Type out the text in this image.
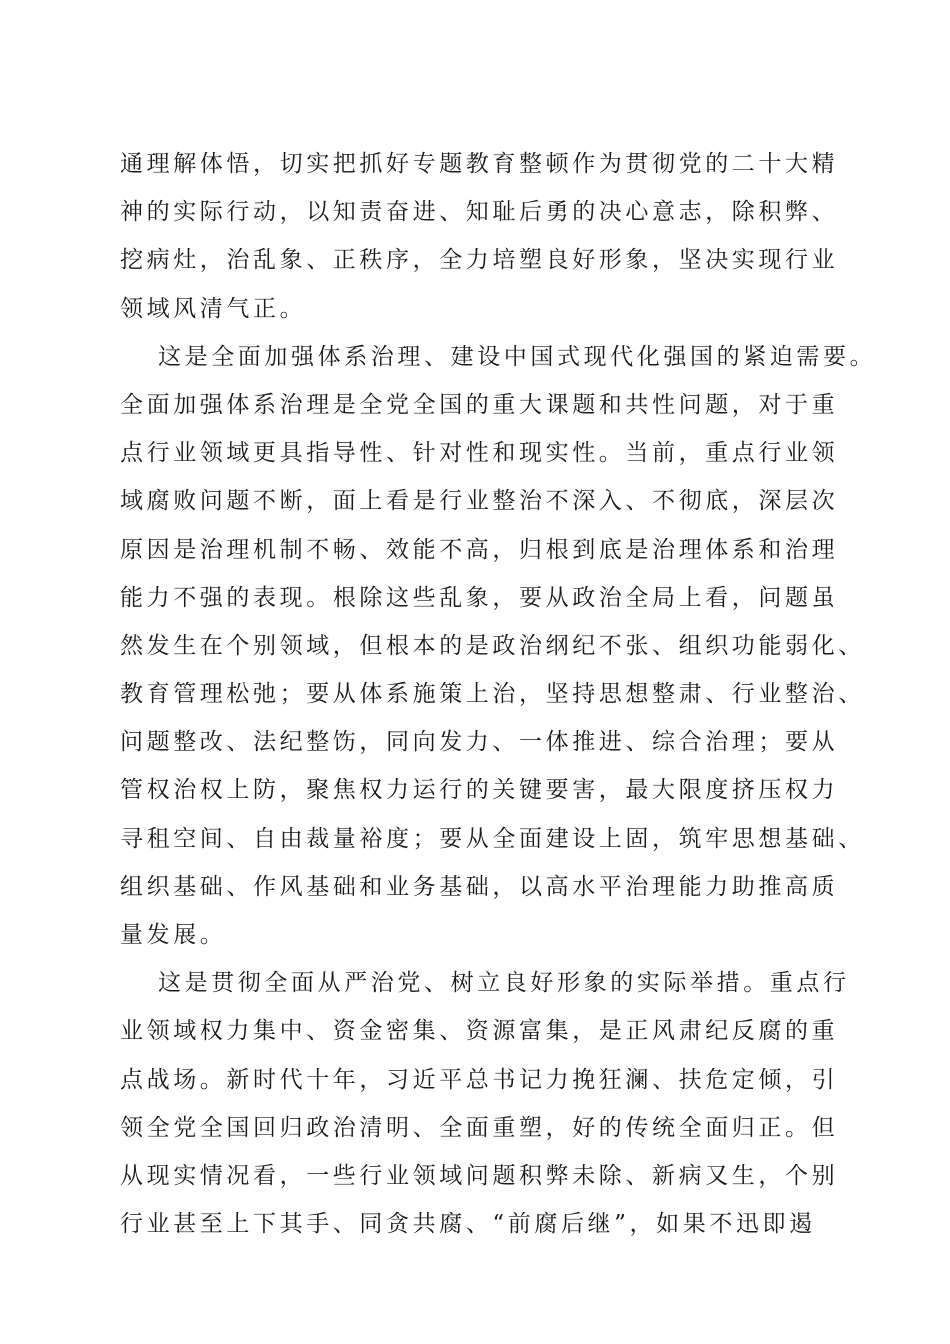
通理解体悟，切实把抓好专题教育整顿作为贯彻党的二十大精
神的实际行动，以知责奋进、知耻后勇的决心意志，除积弊、
挖病灶，治乱象、正秩序，全力培塑良好形象，坚决实现行业
领域风清气正。
这是全面加强体系治理、建设中国式现代化强国的紧迫需要。
全面加强体系治理是全党全国的重大课题和共性问题，对于重
点行业领域更具指导性、针对性和现实性。当前，重点行业领
域腐败问题不断，面上看是行业整治不深入、不彻底，深层次
原因是治理机制不畅、效能不高，归根到底是治理体系和治理
能力不强的表现。根除这些乱象，要从政治全局上看，问题虽
然发生在个别领域，但根本的是政治纲纪不张、组织功能弱化、
教育管理松弛；要从体系施策上治，坚持思想整肃、行业整治、
问题整改、法纪整饬，同向发力、一体推进、综合治理；要从
管权治权上防，聚焦权力运行的关键要害，最大限度挤压权力
寻租空间、自由裁量裕度；要从全面建设上固，筑牢思想基础、
组织基础、作风基础和业务基础，以高水平治理能力助推高质
量发展。
这是贯彻全面从严治党、树立良好形象的实际举措。重点行
业领域权力集中、资金密集、资源富集，是正风肃纪反腐的重
点战场。新时代十年，习近平总书记力挽狂澜、扶危定倾，引
领全党全国回归政治清明、全面重塑，好的传统全面归正。但
从现实情况看，一些行业领域问题积弊未除、新病又生，个别
行业甚至上下其手、同贪共腐、“前腐后继”，如果不迅即遏
